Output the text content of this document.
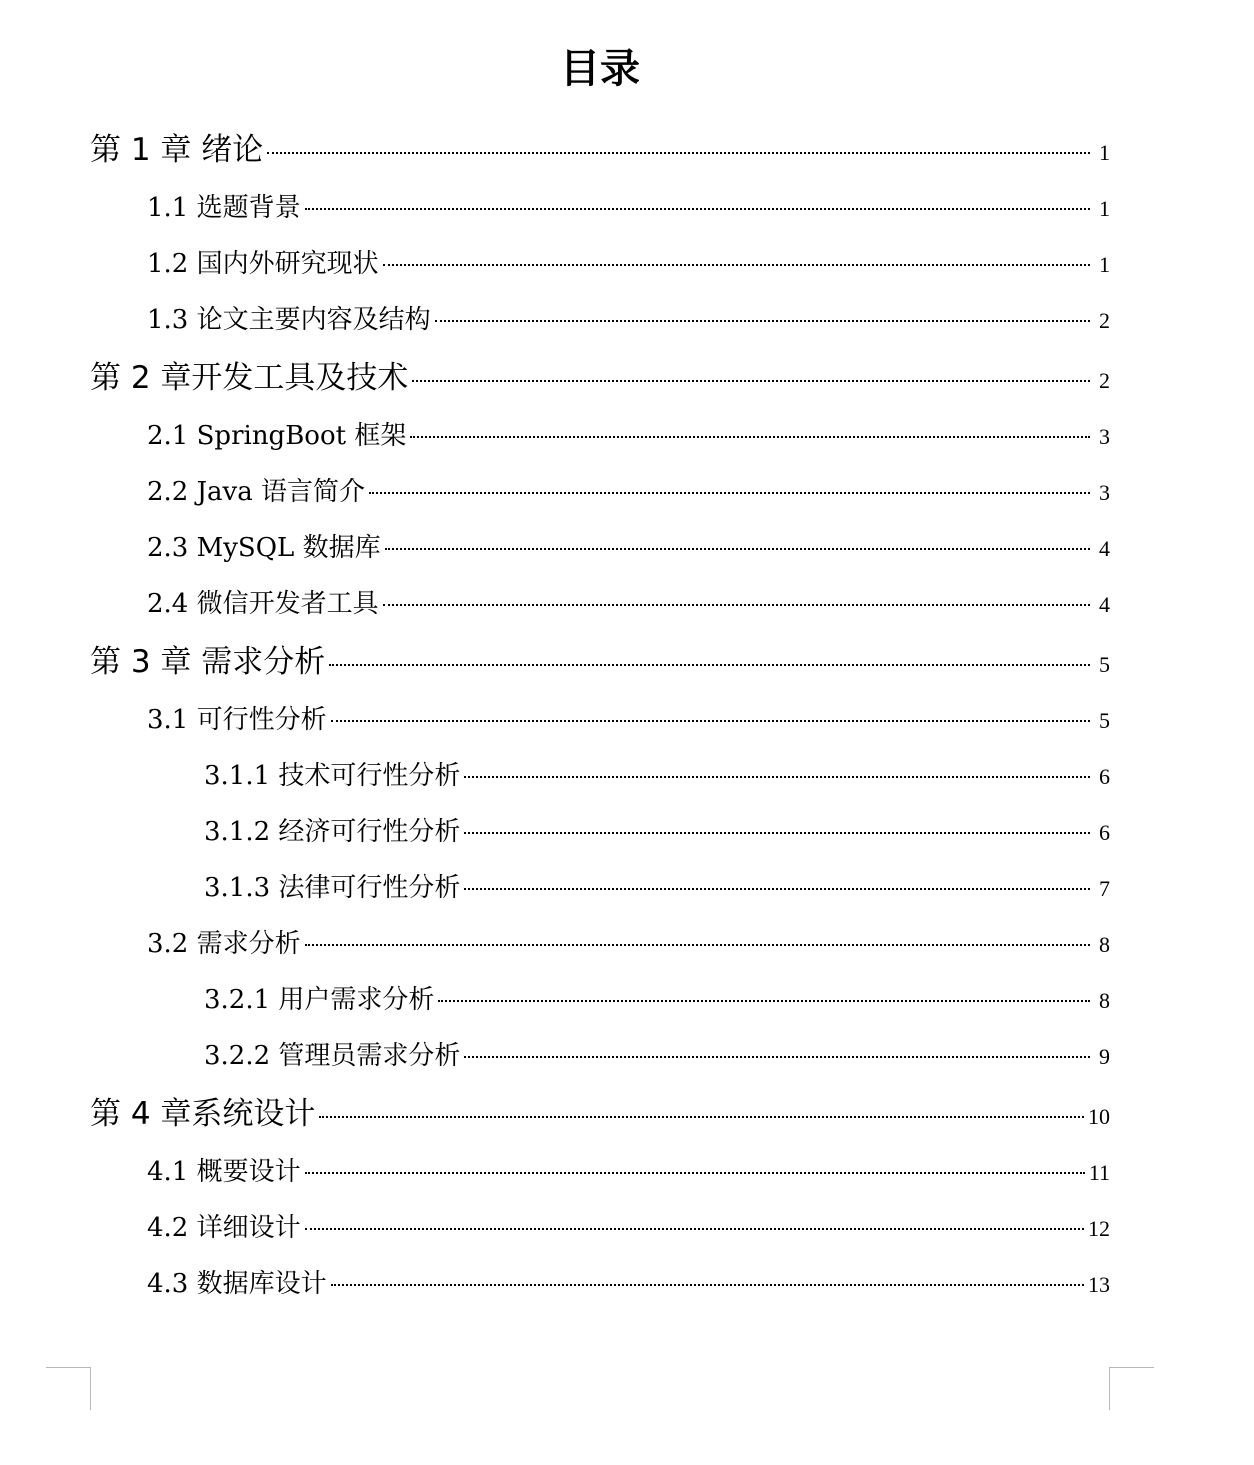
目录
第 1 章 绪论	1
1.1 选题背景	1
1.2 国内外研究现状	1
1.3 论文主要内容及结构	2
第 2 章开发工具及技术	2
2.1 SpringBoot 框架	3
2.2 Java 语言简介	3
2.3 MySQL 数据库	4
2.4 微信开发者工具	4
第 3 章 需求分析	5
3.1 可行性分析	5
3.1.1 技术可行性分析	6
3.1.2 经济可行性分析	6
3.1.3 法律可行性分析	7
3.2 需求分析	8
3.2.1 用户需求分析	8
3.2.2 管理员需求分析	9
第 4 章系统设计	10
4.1 概要设计	11
4.2 详细设计	12
4.3 数据库设计	13
